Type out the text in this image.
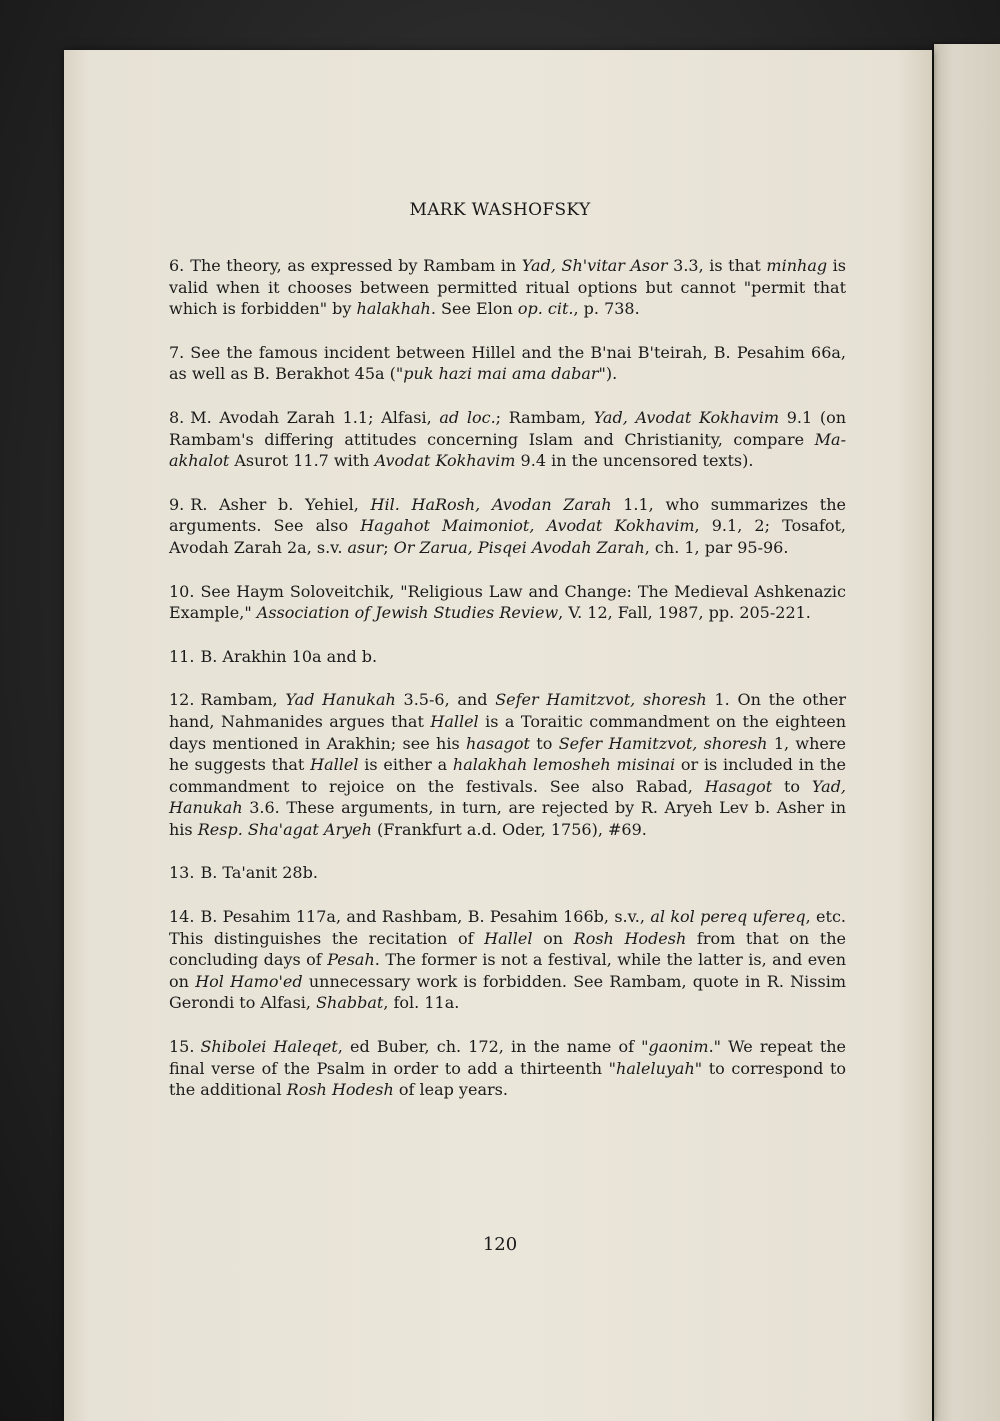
MARK WASHOFSKY

6. The theory, as expressed by Rambam in Yad, Sh'vitar Asor 3.3, is that minhag is valid when it chooses between permitted ritual options but cannot "permit that which is forbidden" by halakhah. See Elon op. cit., p. 738.

7. See the famous incident between Hillel and the B'nai B'teirah, B. Pesahim 66a, as well as B. Berakhot 45a ("puk hazi mai ama dabar").

8. M. Avodah Zarah 1.1; Alfasi, ad loc.; Rambam, Yad, Avodat Kokhavim 9.1 (on Rambam's differing attitudes concerning Islam and Christianity, compare Ma-akhalot Asurot 11.7 with Avodat Kokhavim 9.4 in the uncensored texts).

9. R. Asher b. Yehiel, Hil. HaRosh, Avodan Zarah 1.1, who summarizes the arguments. See also Hagahot Maimoniot, Avodat Kokhavim, 9.1, 2; Tosafot, Avodah Zarah 2a, s.v. asur; Or Zarua, Pisqei Avodah Zarah, ch. 1, par 95-96.

10. See Haym Soloveitchik, "Religious Law and Change: The Medieval Ashkenazic Example," Association of Jewish Studies Review, V. 12, Fall, 1987, pp. 205-221.

11. B. Arakhin 10a and b.

12. Rambam, Yad Hanukah 3.5-6, and Sefer Hamitzvot, shoresh 1. On the other hand, Nahmanides argues that Hallel is a Toraitic commandment on the eighteen days mentioned in Arakhin; see his hasagot to Sefer Hamitzvot, shoresh 1, where he suggests that Hallel is either a halakhah lemosheh misinai or is included in the commandment to rejoice on the festivals. See also Rabad, Hasagot to Yad, Hanukah 3.6. These arguments, in turn, are rejected by R. Aryeh Lev b. Asher in his Resp. Sha'agat Aryeh (Frankfurt a.d. Oder, 1756), #69.

13. B. Ta'anit 28b.

14. B. Pesahim 117a, and Rashbam, B. Pesahim 166b, s.v., al kol pereq ufereq, etc. This distinguishes the recitation of Hallel on Rosh Hodesh from that on the concluding days of Pesah. The former is not a festival, while the latter is, and even on Hol Hamo'ed unnecessary work is forbidden. See Rambam, quote in R. Nissim Gerondi to Alfasi, Shabbat, fol. 11a.

15. Shibolei Haleqet, ed Buber, ch. 172, in the name of "gaonim." We repeat the final verse of the Psalm in order to add a thirteenth "haleluyah" to correspond to the additional Rosh Hodesh of leap years.

120
